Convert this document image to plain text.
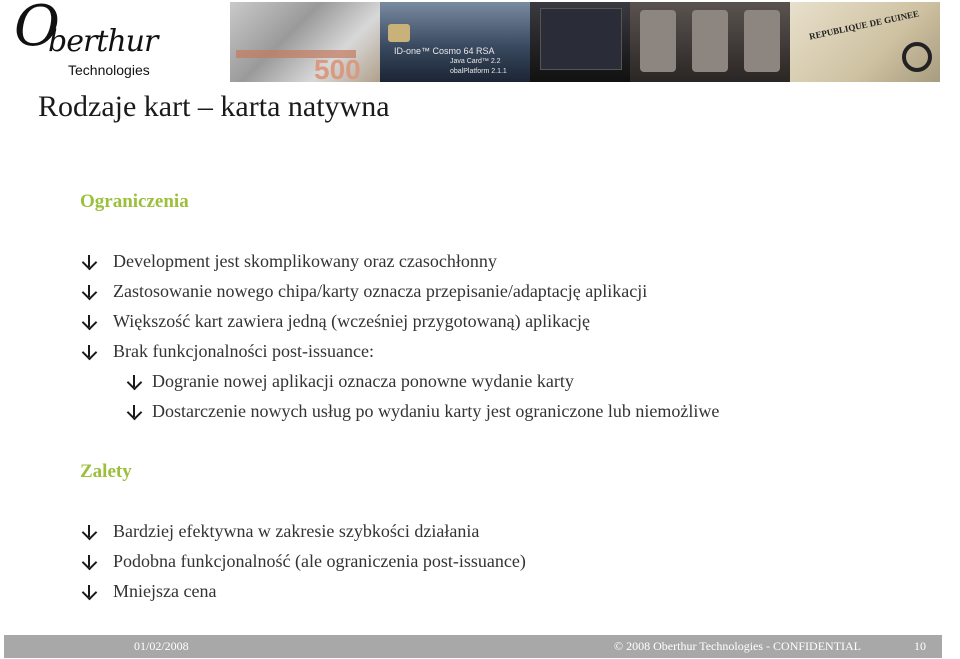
O
berthur
Technologies	500
ID-one™ Cosmo 64 RSA
Java Card™ 2.2
obalPlatform 2.1.1
REPUBLIQUE DE GUINEE
Rodzaje kart – karta natywna
Ograniczenia
Development jest skomplikowany oraz czasochłonny
Zastosowanie nowego chipa/karty oznacza przepisanie/adaptację aplikacji
Większość kart zawiera jedną (wcześniej przygotowaną) aplikację
Brak funkcjonalności post-issuance:
Dogranie nowej aplikacji oznacza ponowne wydanie karty
Dostarczenie nowych usług po wydaniu karty jest ograniczone lub niemożliwe
Zalety
Bardziej efektywna w zakresie szybkości działania
Podobna funkcjonalność (ale ograniczenia post-issuance)
Mniejsza cena
01/02/2008	© 2008 Oberthur Technologies - CONFIDENTIAL	10
